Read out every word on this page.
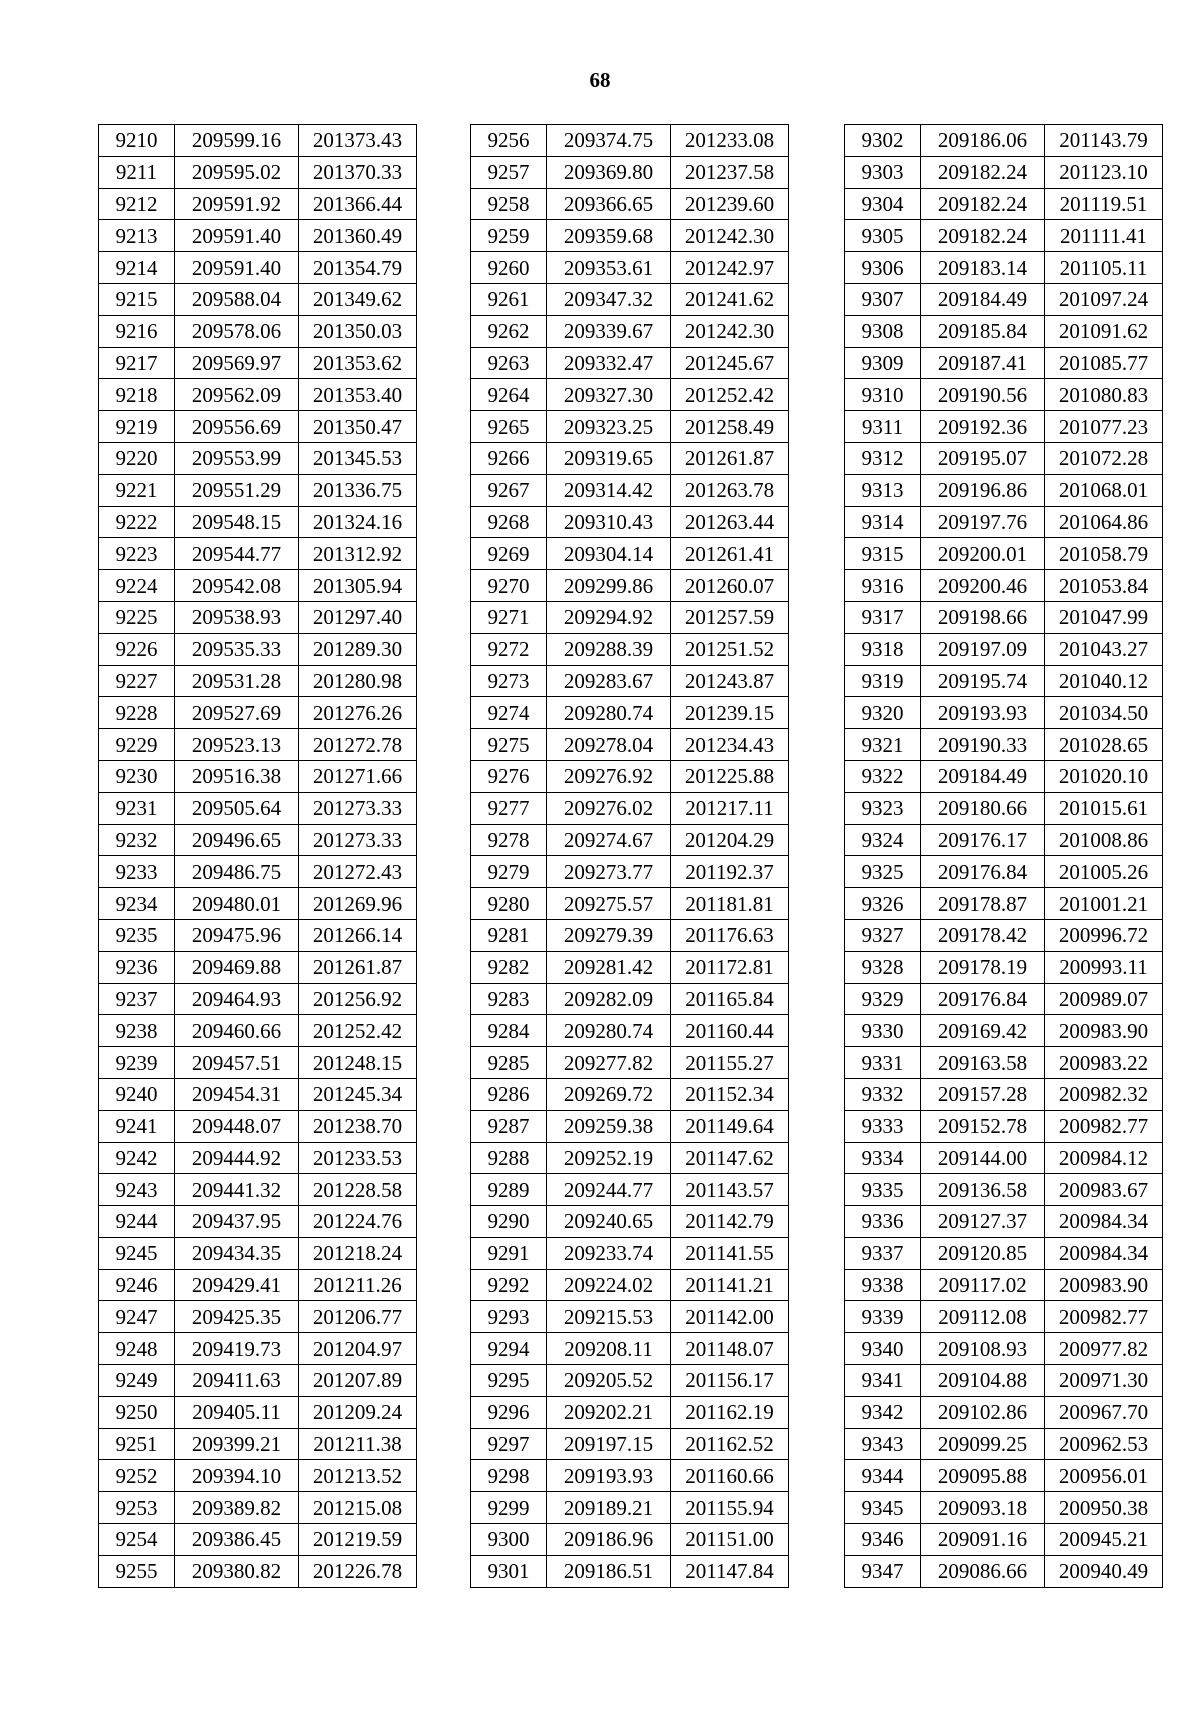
68
9210	209599.16	201373.43
9211	209595.02	201370.33
9212	209591.92	201366.44
9213	209591.40	201360.49
9214	209591.40	201354.79
9215	209588.04	201349.62
9216	209578.06	201350.03
9217	209569.97	201353.62
9218	209562.09	201353.40
9219	209556.69	201350.47
9220	209553.99	201345.53
9221	209551.29	201336.75
9222	209548.15	201324.16
9223	209544.77	201312.92
9224	209542.08	201305.94
9225	209538.93	201297.40
9226	209535.33	201289.30
9227	209531.28	201280.98
9228	209527.69	201276.26
9229	209523.13	201272.78
9230	209516.38	201271.66
9231	209505.64	201273.33
9232	209496.65	201273.33
9233	209486.75	201272.43
9234	209480.01	201269.96
9235	209475.96	201266.14
9236	209469.88	201261.87
9237	209464.93	201256.92
9238	209460.66	201252.42
9239	209457.51	201248.15
9240	209454.31	201245.34
9241	209448.07	201238.70
9242	209444.92	201233.53
9243	209441.32	201228.58
9244	209437.95	201224.76
9245	209434.35	201218.24
9246	209429.41	201211.26
9247	209425.35	201206.77
9248	209419.73	201204.97
9249	209411.63	201207.89
9250	209405.11	201209.24
9251	209399.21	201211.38
9252	209394.10	201213.52
9253	209389.82	201215.08
9254	209386.45	201219.59
9255	209380.82	201226.78
9256	209374.75	201233.08
9257	209369.80	201237.58
9258	209366.65	201239.60
9259	209359.68	201242.30
9260	209353.61	201242.97
9261	209347.32	201241.62
9262	209339.67	201242.30
9263	209332.47	201245.67
9264	209327.30	201252.42
9265	209323.25	201258.49
9266	209319.65	201261.87
9267	209314.42	201263.78
9268	209310.43	201263.44
9269	209304.14	201261.41
9270	209299.86	201260.07
9271	209294.92	201257.59
9272	209288.39	201251.52
9273	209283.67	201243.87
9274	209280.74	201239.15
9275	209278.04	201234.43
9276	209276.92	201225.88
9277	209276.02	201217.11
9278	209274.67	201204.29
9279	209273.77	201192.37
9280	209275.57	201181.81
9281	209279.39	201176.63
9282	209281.42	201172.81
9283	209282.09	201165.84
9284	209280.74	201160.44
9285	209277.82	201155.27
9286	209269.72	201152.34
9287	209259.38	201149.64
9288	209252.19	201147.62
9289	209244.77	201143.57
9290	209240.65	201142.79
9291	209233.74	201141.55
9292	209224.02	201141.21
9293	209215.53	201142.00
9294	209208.11	201148.07
9295	209205.52	201156.17
9296	209202.21	201162.19
9297	209197.15	201162.52
9298	209193.93	201160.66
9299	209189.21	201155.94
9300	209186.96	201151.00
9301	209186.51	201147.84
9302	209186.06	201143.79
9303	209182.24	201123.10
9304	209182.24	201119.51
9305	209182.24	201111.41
9306	209183.14	201105.11
9307	209184.49	201097.24
9308	209185.84	201091.62
9309	209187.41	201085.77
9310	209190.56	201080.83
9311	209192.36	201077.23
9312	209195.07	201072.28
9313	209196.86	201068.01
9314	209197.76	201064.86
9315	209200.01	201058.79
9316	209200.46	201053.84
9317	209198.66	201047.99
9318	209197.09	201043.27
9319	209195.74	201040.12
9320	209193.93	201034.50
9321	209190.33	201028.65
9322	209184.49	201020.10
9323	209180.66	201015.61
9324	209176.17	201008.86
9325	209176.84	201005.26
9326	209178.87	201001.21
9327	209178.42	200996.72
9328	209178.19	200993.11
9329	209176.84	200989.07
9330	209169.42	200983.90
9331	209163.58	200983.22
9332	209157.28	200982.32
9333	209152.78	200982.77
9334	209144.00	200984.12
9335	209136.58	200983.67
9336	209127.37	200984.34
9337	209120.85	200984.34
9338	209117.02	200983.90
9339	209112.08	200982.77
9340	209108.93	200977.82
9341	209104.88	200971.30
9342	209102.86	200967.70
9343	209099.25	200962.53
9344	209095.88	200956.01
9345	209093.18	200950.38
9346	209091.16	200945.21
9347	209086.66	200940.49
